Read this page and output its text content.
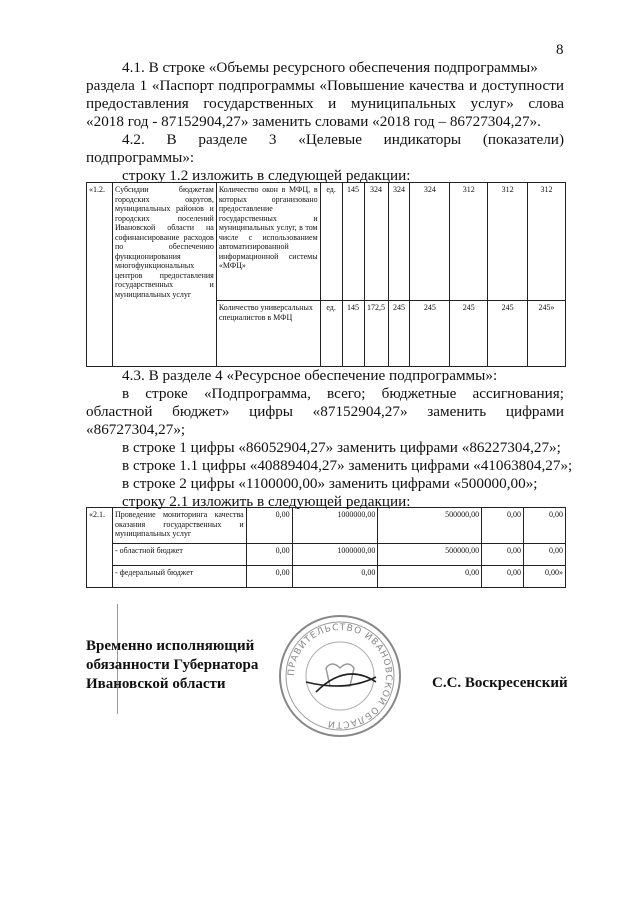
8
4.1. В строке «Объемы ресурсного обеспечения подпрограммы»
раздела 1 «Паспорт подпрограммы «Повышение качества и доступности
предоставления государственных и муниципальных услуг» слова
«2018 год - 87152904,27» заменить словами «2018 год – 86727304,27».
4.2. В разделе 3 «Целевые индикаторы (показатели)
подпрограммы»:
строку 1.2 изложить в следующей редакции:
«1.2.	Субсидии бюджетам городских округов, муниципальных районов и городских поселений Ивановской области на софинансирование расходов по обеспечению функционирования многофункциональных центров предоставления государственных и муниципальных услуг	Количество окон в МФЦ, в которых организовано предоставление государственных и муниципальных услуг, в том числе с использованием автоматизированной информационной системы «МФЦ»	ед.	145	324	324	324	312	312	312
		Количество универсальных специалистов в МФЦ	ед.	145	172,5	245	245	245	245	245»
4.3. В разделе 4 «Ресурсное обеспечение подпрограммы»:
в строке «Подпрограмма, всего; бюджетные ассигнования;
областной бюджет» цифры «87152904,27» заменить цифрами
«86727304,27»;
в строке 1 цифры «86052904,27» заменить цифрами «86227304,27»;
в строке 1.1 цифры «40889404,27» заменить цифрами «41063804,27»;
в строке 2 цифры «1100000,00» заменить цифрами «500000,00»;
строку 2.1 изложить в следующей редакции:
«2.1.	Проведение мониторинга качества оказания государственных и муниципальных услуг	0,00	1000000,00	500000,00	0,00	0,00
	- областной бюджет	0,00	1000000,00	500000,00	0,00	0,00
	- федеральный бюджет	0,00	0,00	0,00	0,00	0,00»
ПРАВИТЕЛЬСТВО ИВАНОВСКОЙ ОБЛАСТИ
Временно исполняющий
обязанности Губернатора
Ивановской области	С.С. Воскресенский
